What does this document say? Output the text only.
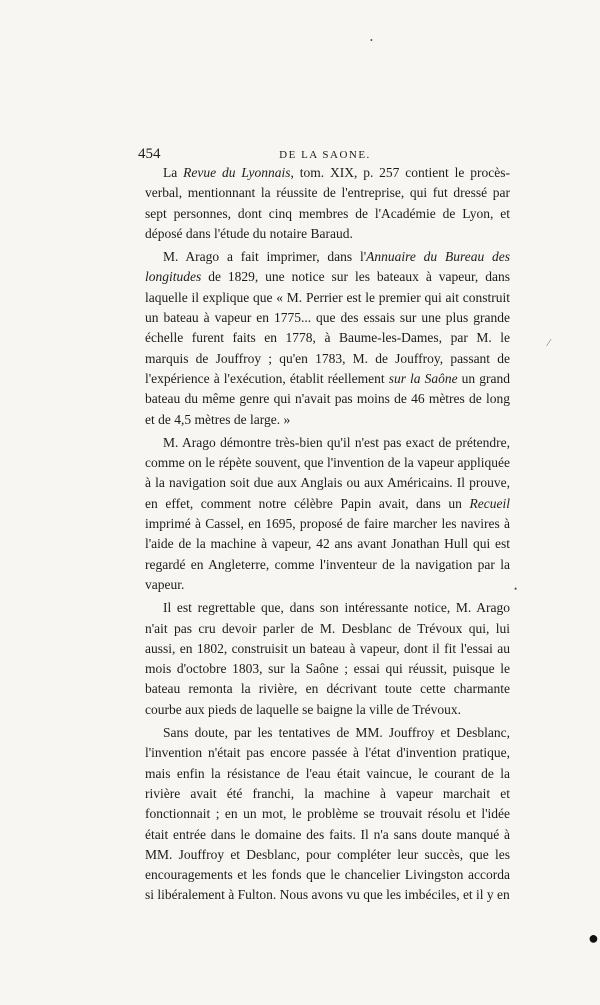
454	DE LA SAONE.

La Revue du Lyonnais, tom. XIX, p. 257 contient le procès-verbal, mentionnant la réussite de l'entreprise, qui fut dressé par sept personnes, dont cinq membres de l'Académie de Lyon, et déposé dans l'étude du notaire Baraud.

M. Arago a fait imprimer, dans l'Annuaire du Bureau des longitudes de 1829, une notice sur les bateaux à vapeur, dans laquelle il explique que « M. Perrier est le premier qui ait construit un bateau à vapeur en 1775... que des essais sur une plus grande échelle furent faits en 1778, à Baume-les-Dames, par M. le marquis de Jouffroy ; qu'en 1783, M. de Jouffroy, passant de l'expérience à l'exécution, établit réellement sur la Saône un grand bateau du même genre qui n'avait pas moins de 46 mètres de long et de 4,5 mètres de large. »

M. Arago démontre très-bien qu'il n'est pas exact de prétendre, comme on le répète souvent, que l'invention de la vapeur appliquée à la navigation soit due aux Anglais ou aux Américains. Il prouve, en effet, comment notre célèbre Papin avait, dans un Recueil imprimé à Cassel, en 1695, proposé de faire marcher les navires à l'aide de la machine à vapeur, 42 ans avant Jonathan Hull qui est regardé en Angleterre, comme l'inventeur de la navigation par la vapeur.

Il est regrettable que, dans son intéressante notice, M. Arago n'ait pas cru devoir parler de M. Desblanc de Trévoux qui, lui aussi, en 1802, construisit un bateau à vapeur, dont il fit l'essai au mois d'octobre 1803, sur la Saône ; essai qui réussit, puisque le bateau remonta la rivière, en décrivant toute cette charmante courbe aux pieds de laquelle se baigne la ville de Trévoux.

Sans doute, par les tentatives de MM. Jouffroy et Desblanc, l'invention n'était pas encore passée à l'état d'invention pratique, mais enfin la résistance de l'eau était vaincue, le courant de la rivière avait été franchi, la machine à vapeur marchait et fonctionnait ; en un mot, le problème se trouvait résolu et l'idée était entrée dans le domaine des faits. Il n'a sans doute manqué à MM. Jouffroy et Desblanc, pour compléter leur succès, que les encouragements et les fonds que le chancelier Livingston accorda si libéralement à Fulton. Nous avons vu que les imbéciles, et il y en

•
⁄
•
●
